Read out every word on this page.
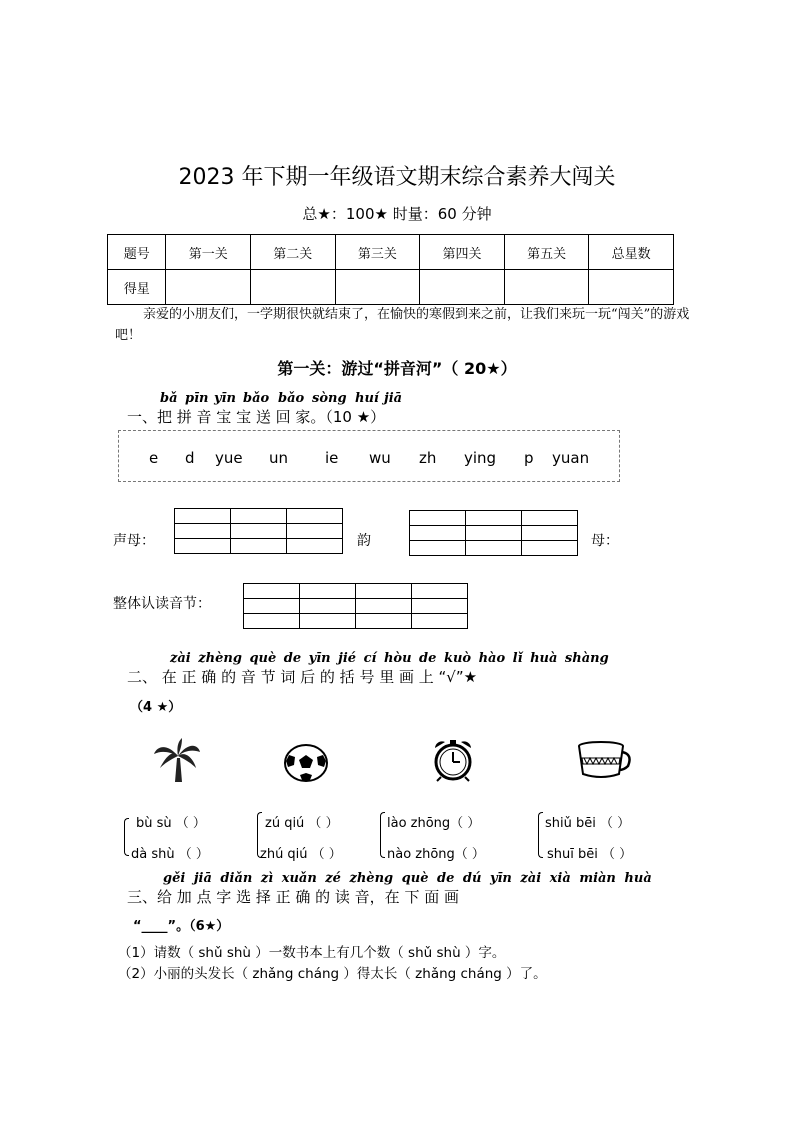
2023 年下期一年级语文期末综合素养大闯关
总★：100★ 时量：60 分钟
题号	第一关	第二关	第三关	第四关	第五关	总星数
得星						
亲爱的小朋友们，一学期很快就结束了，在愉快的寒假到来之前，让我们来玩一玩“闯关”的游戏吧！
第一关：游过“拼音河”（ 20★）
bǎ pīn yīn bǎo bǎo sòng huí jiā
一、把 拼 音 宝 宝 送 回 家。（10 ★）
e d yue un ie wu zh ying p yuan
声母：

			韵

			母：
整体认读音节：

zài zhèng què de yīn jié cí hòu de kuò hào lǐ huà shàng
二、 在 正 确 的 音 节 词 后 的 括 号 里 画 上 “√”★
（4 ★）
bù sù （ ）
dà shù （ ）
zú qiú （ ）
zhú qiú （ ）
lào zhōng（ ）
nào zhōng（ ）
shiǔ bēi （ ）
shuī bēi （ ）
gěi jiā diǎn zì xuǎn zé zhèng què de dú yīn zài xià miàn huà
三、给 加 点 字 选 择 正 确 的 读 音，在 下 面 画
“____”。（6★）
（1）请数（ shǔ shù ）一数书本上有几个数（ shǔ shù ）字。
（2）小丽的头发长（ zhǎng cháng ）得太长（ zhǎng cháng ）了。
